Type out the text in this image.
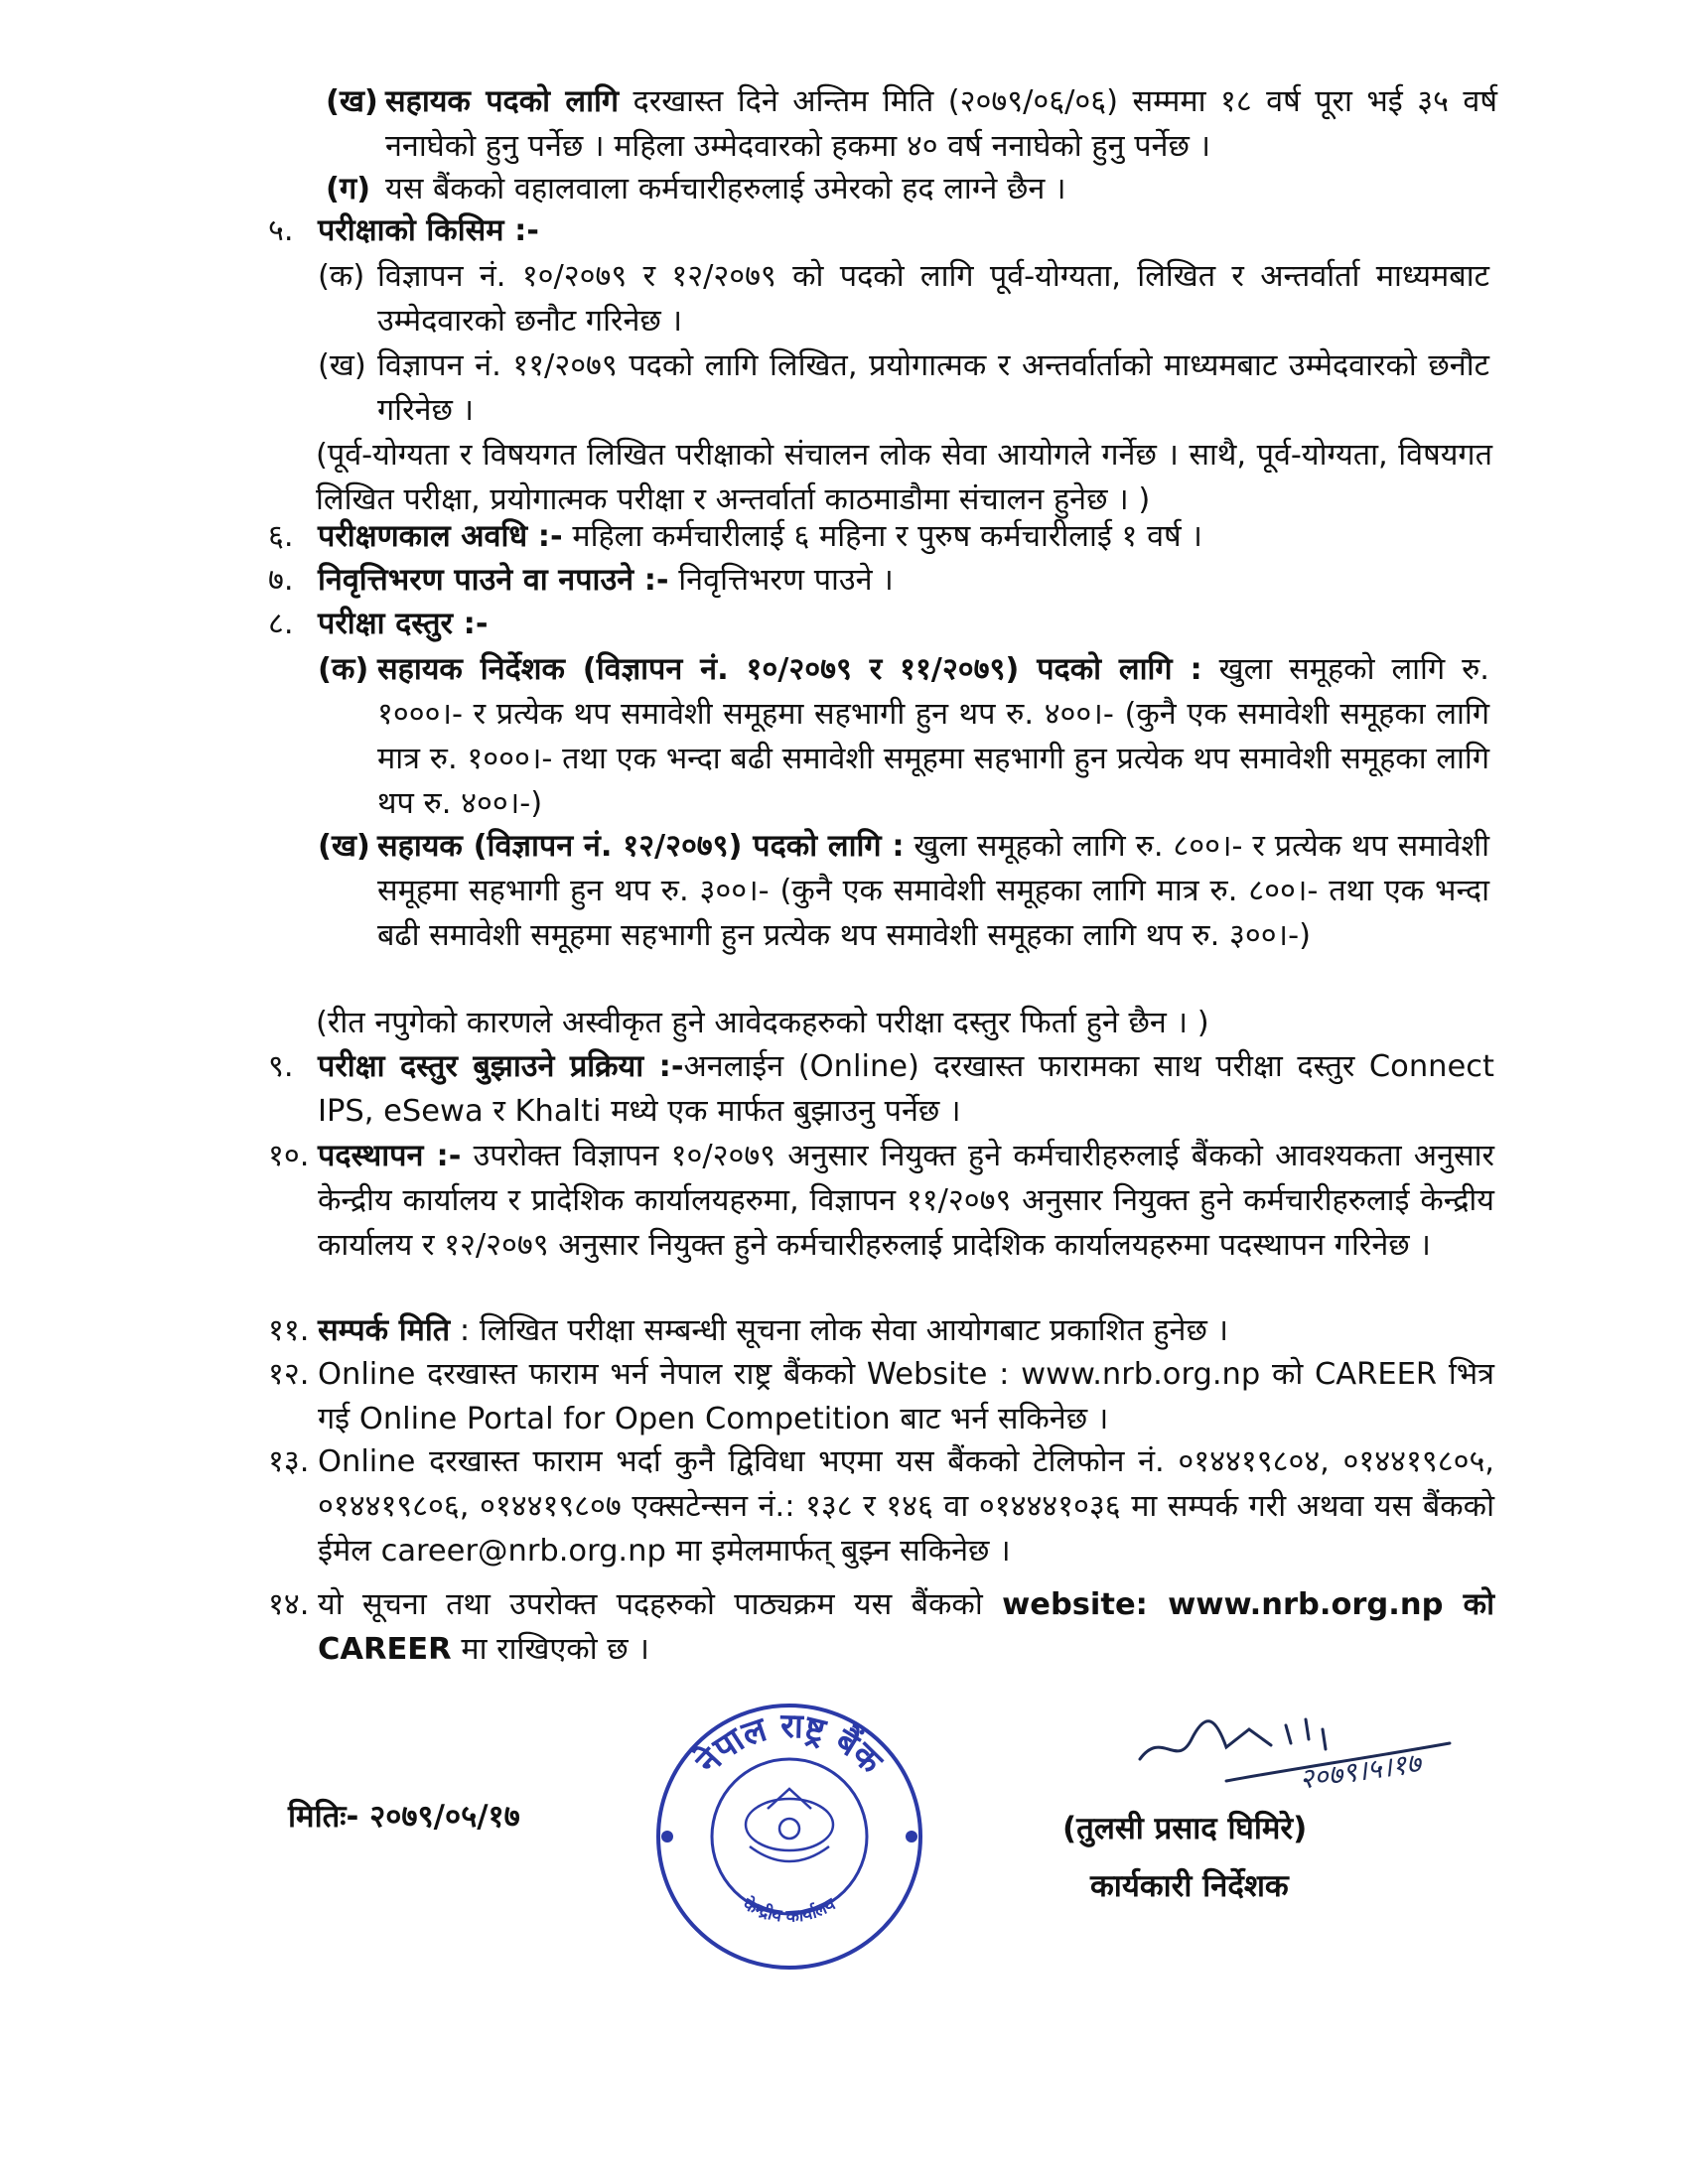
(ख) सहायक पदको लागि दरखास्त दिने अन्तिम मिति (२०७९/०६/०६) सम्ममा १८ वर्ष पूरा भई ३५ वर्ष ननाघेको हुनु पर्नेछ । महिला उम्मेदवारको हकमा ४० वर्ष ननाघेको हुनु पर्नेछ ।
(ग) यस बैंकको वहालवाला कर्मचारीहरुलाई उमेरको हद लाग्ने छैन ।
५. परीक्षाको किसिम :-
(क) विज्ञापन नं. १०/२०७९ र १२/२०७९ को पदको लागि पूर्व-योग्यता, लिखित र अन्तर्वार्ता माध्यमबाट उम्मेदवारको छनौट गरिनेछ ।
(ख) विज्ञापन नं. ११/२०७९ पदको लागि लिखित, प्रयोगात्मक र अन्तर्वार्ताको माध्यमबाट उम्मेदवारको छनौट गरिनेछ ।
(पूर्व-योग्यता र विषयगत लिखित परीक्षाको संचालन लोक सेवा आयोगले गर्नेछ । साथै, पूर्व-योग्यता, विषयगत लिखित परीक्षा, प्रयोगात्मक परीक्षा र अन्तर्वार्ता काठमाडौमा संचालन हुनेछ । )
६. परीक्षणकाल अवधि :- महिला कर्मचारीलाई ६ महिना र पुरुष कर्मचारीलाई १ वर्ष ।
७. निवृत्तिभरण पाउने वा नपाउने :- निवृत्तिभरण पाउने ।
८. परीक्षा दस्तुर :-
(क) सहायक निर्देशक (विज्ञापन नं. १०/२०७९ र ११/२०७९) पदको लागि : खुला समूहको लागि रु. १०००।- र प्रत्येक थप समावेशी समूहमा सहभागी हुन थप रु. ४००।- (कुनै एक समावेशी समूहका लागि मात्र रु. १०००।- तथा एक भन्दा बढी समावेशी समूहमा सहभागी हुन प्रत्येक थप समावेशी समूहका लागि थप रु. ४००।-)
(ख) सहायक (विज्ञापन नं. १२/२०७९) पदको लागि : खुला समूहको लागि रु. ८००।- र प्रत्येक थप समावेशी समूहमा सहभागी हुन थप रु. ३००।- (कुनै एक समावेशी समूहका लागि मात्र रु. ८००।- तथा एक भन्दा बढी समावेशी समूहमा सहभागी हुन प्रत्येक थप समावेशी समूहका लागि थप रु. ३००।-)
(रीत नपुगेको कारणले अस्वीकृत हुने आवेदकहरुको परीक्षा दस्तुर फिर्ता हुने छैन । )
९. परीक्षा दस्तुर बुझाउने प्रक्रिया :-अनलाईन (Online) दरखास्त फारामका साथ परीक्षा दस्तुर Connect IPS, eSewa र Khalti मध्ये एक मार्फत बुझाउनु पर्नेछ ।
१०. पदस्थापन :- उपरोक्त विज्ञापन १०/२०७९ अनुसार नियुक्त हुने कर्मचारीहरुलाई बैंकको आवश्यकता अनुसार केन्द्रीय कार्यालय र प्रादेशिक कार्यालयहरुमा, विज्ञापन ११/२०७९ अनुसार नियुक्त हुने कर्मचारीहरुलाई केन्द्रीय कार्यालय र १२/२०७९ अनुसार नियुक्त हुने कर्मचारीहरुलाई प्रादेशिक कार्यालयहरुमा पदस्थापन गरिनेछ ।
११. सम्पर्क मिति : लिखित परीक्षा सम्बन्धी सूचना लोक सेवा आयोगबाट प्रकाशित हुनेछ ।
१२. Online दरखास्त फाराम भर्न नेपाल राष्ट्र बैंकको Website : www.nrb.org.np को CAREER भित्र गई Online Portal for Open Competition बाट भर्न सकिनेछ ।
१३. Online दरखास्त फाराम भर्दा कुनै द्विविधा भएमा यस बैंकको टेलिफोन नं. ०१४४१९८०४, ०१४४१९८०५, ०१४४१९८०६, ०१४४१९८०७ एक्सटेन्सन नं.: १३८ र १४६ वा ०१४४४१०३६ मा सम्पर्क गरी अथवा यस बैंकको ईमेल career@nrb.org.np मा इमेलमार्फत् बुझ्न सकिनेछ ।
१४. यो सूचना तथा उपरोक्त पदहरुको पाठ्यक्रम यस बैंकको website: www.nrb.org.np को CAREER मा राखिएको छ ।
नेपाल राष्ट्र बैंक
केन्द्रीय कार्यालय
२०७९।५।१७
मितिः- २०७९/०५/१७	(तुलसी प्रसाद घिमिरे)
कार्यकारी निर्देशक
